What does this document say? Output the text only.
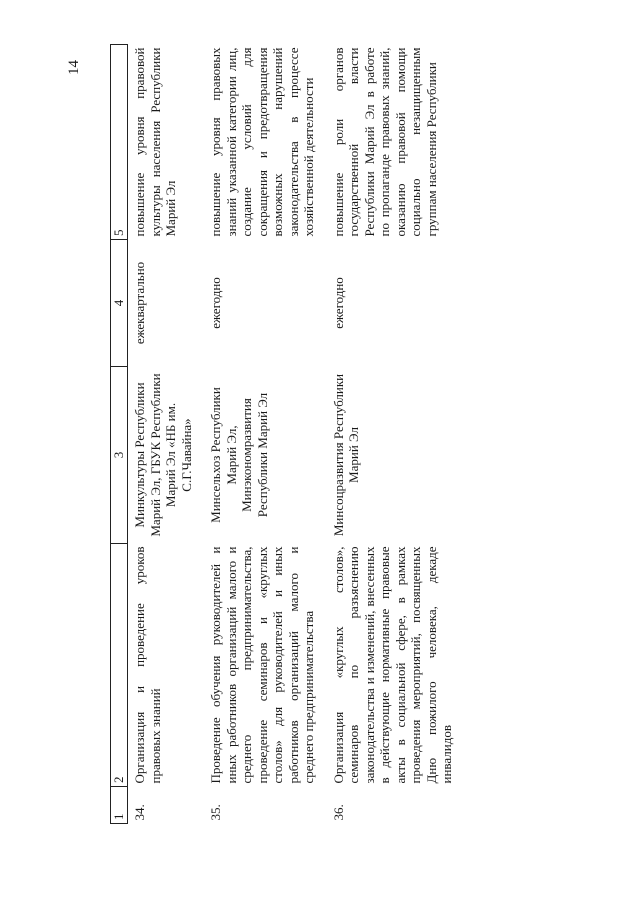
14
1	2	3	4	5
34.	Организация и проведение уроков правовых знаний	Минкультуры Республики Марий Эл, ГБУК Республики Марий Эл «НБ им. С.Г.Чавайна»	ежеквартально	повышение уровня правовой культуры населения Республики Марий Эл
35.	Проведение обучения руководителей и иных работников организаций малого и среднего предпринимательства, проведение семинаров и «круглых столов» для руководителей и иных работников организаций малого и среднего предпринимательства	Минсельхоз Республики Марий Эл, Минэкономразвития Республики Марий Эл	ежегодно	повышение уровня правовых знаний указанной категории лиц, создание условий для сокращения и предотвращения возможных нарушений законодательства в процессе хозяйственной деятельности
36.	Организация «круглых столов», семинаров по разъяснению законодательства и изменений, внесенных в действующие нормативные правовые акты в социальной сфере, в рамках проведения мероприятий, посвященных Дню пожилого человека, декаде инвалидов	Минсоцразвития Республики Марий Эл	ежегодно	повышение роли органов государственной власти Республики Марий Эл в работе по пропаганде правовых знаний, оказанию правовой помощи социально незащищенным группам населения Республики
